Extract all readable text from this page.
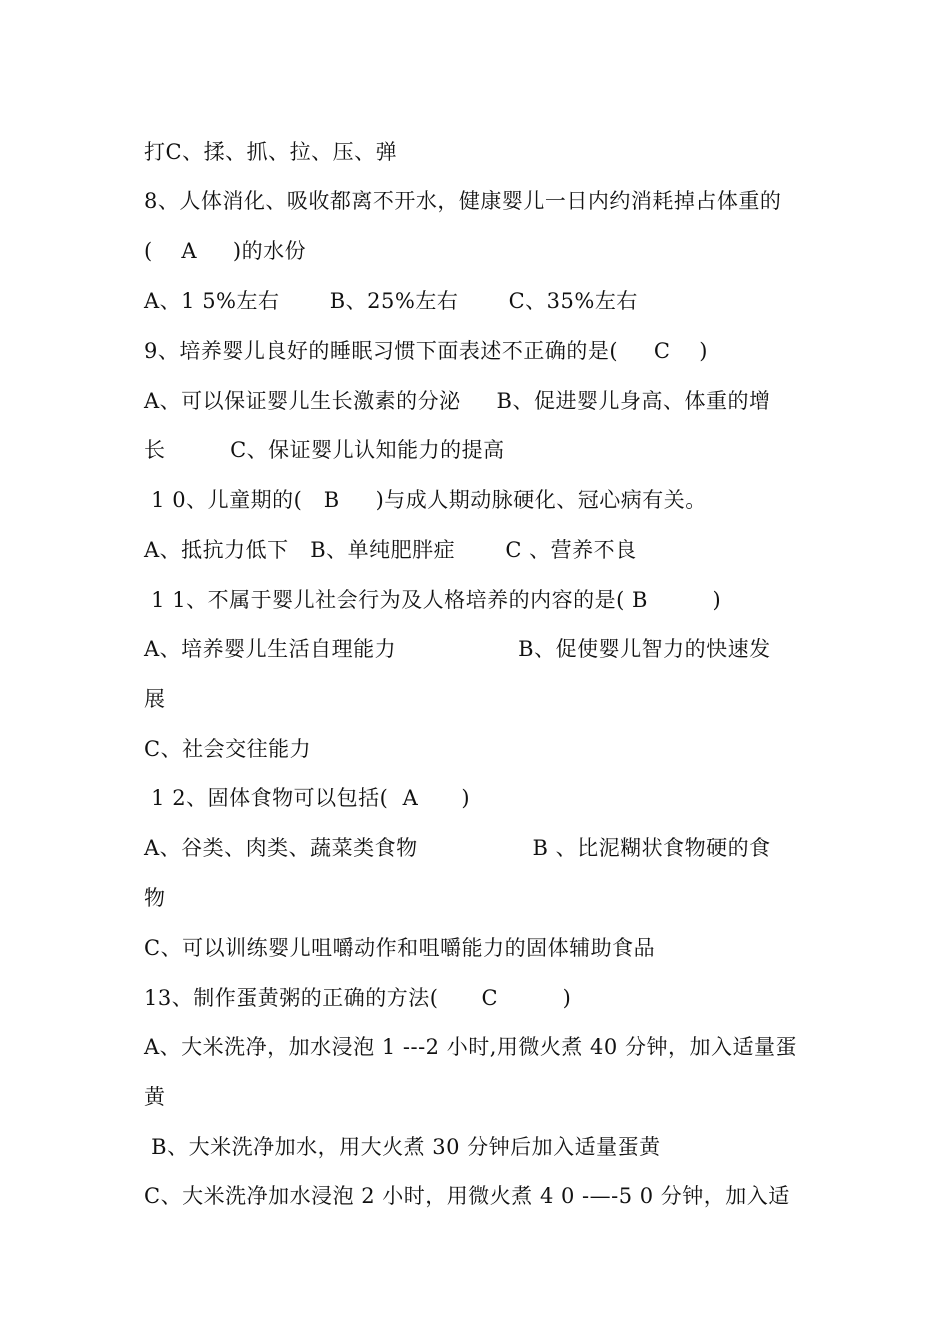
打C、揉、抓、拉、压、弹
8、人体消化、吸收都离不开水，健康婴儿一日内约消耗掉占体重的
(    A     )的水份
A、1 5%左右       B、25%左右       C、35%左右
9、培养婴儿良好的睡眠习惯下面表述不正确的是(     C    )
A、可以保证婴儿生长激素的分泌     B、促进婴儿身高、体重的增
长         C、保证婴儿认知能力的提高
1 0、儿童期的(   B     )与成人期动脉硬化、冠心病有关。
A、抵抗力低下   B、单纯肥胖症       C 、营养不良
1 1、不属于婴儿社会行为及人格培养的内容的是( B         )
A、培养婴儿生活自理能力                 B、促使婴儿智力的快速发
展
C、社会交往能力
1 2、固体食物可以包括(  A      )
A、谷类、肉类、蔬菜类食物                B 、比泥糊状食物硬的食
物
C、可以训练婴儿咀嚼动作和咀嚼能力的固体辅助食品
13、制作蛋黄粥的正确的方法(      C         )
A、大米洗净，加水浸泡 1 ---2 小时,用微火煮 40 分钟，加入适量蛋
黄
B、大米洗净加水，用大火煮 30 分钟后加入适量蛋黄
C、大米洗净加水浸泡 2 小时，用微火煮 4 0 -—-5 0 分钟，加入适
